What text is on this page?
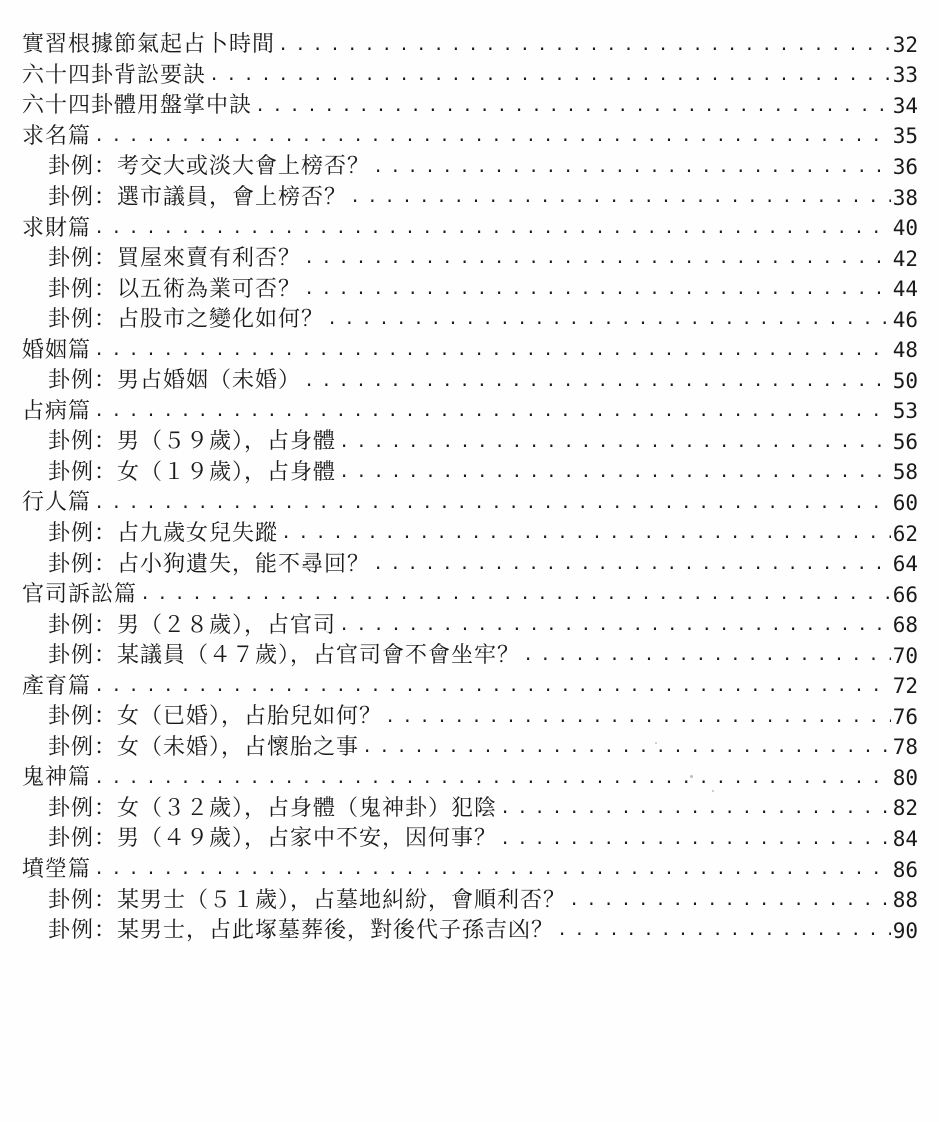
實習根據節氣起占卜時間 . . .	32
六十四卦背訟要訣 . . .	33
六十四卦體用盤掌中訣 . . .	34
求名篇 . . .	35
卦例：考交大或淡大會上榜否？ . . .	36
卦例：選市議員，會上榜否？ . . .	38
求財篇 . . .	40
卦例：買屋來賣有利否？ . . .	42
卦例：以五術為業可否？ . . .	44
卦例：占股市之變化如何？ . . .	46
婚姻篇 . . .	48
卦例：男占婚姻（未婚） . . .	50
占病篇 . . .	53
卦例：男（５９歲），占身體 . . .	56
卦例：女（１９歲），占身體 . . .	58
行人篇 . . .	60
卦例：占九歲女兒失蹤 . . .	62
卦例：占小狗遺失，能不尋回？ . . .	64
官司訴訟篇 . . .	66
卦例：男（２８歲），占官司 . . .	68
卦例：某議員（４７歲），占官司會不會坐牢？ . . .	70
產育篇 . . .	72
卦例：女（已婚），占胎兒如何？ . . .	76
卦例：女（未婚），占懷胎之事 . . .	78
鬼神篇 . . .	80
卦例：女（３２歲），占身體（鬼神卦）犯陰 . . .	82
卦例：男（４９歲），占家中不安，因何事？ . . .	84
墳塋篇 . . .	86
卦例：某男士（５１歲），占墓地糾紛，會順利否？ . . .	88
卦例：某男士，占此塚墓葬後，對後代子孫吉凶？ . . .	90
